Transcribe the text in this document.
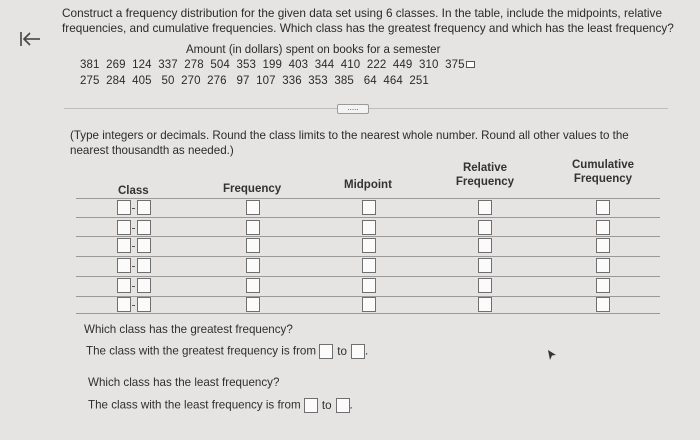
Construct a frequency distribution for the given data set using 6 classes. In the table, include the midpoints, relative frequencies, and cumulative frequencies. Which class has the greatest frequency and which has the least frequency?
Amount (in dollars) spent on books for a semester
381  269  124  337  278  504  353  199  403  344  410  222  449  310  375
275  284  405   50  270  276   97  107  336  353  385   64  464  251
.....
(Type integers or decimals. Round the class limits to the nearest whole number. Round all other values to the nearest thousandth as needed.)
Class	Frequency	Midpoint
Relative
Frequency
Cumulative
Frequency
Which class has the greatest frequency?
The class with the greatest frequency is from to .
Which class has the least frequency?
The class with the least frequency is from to .
